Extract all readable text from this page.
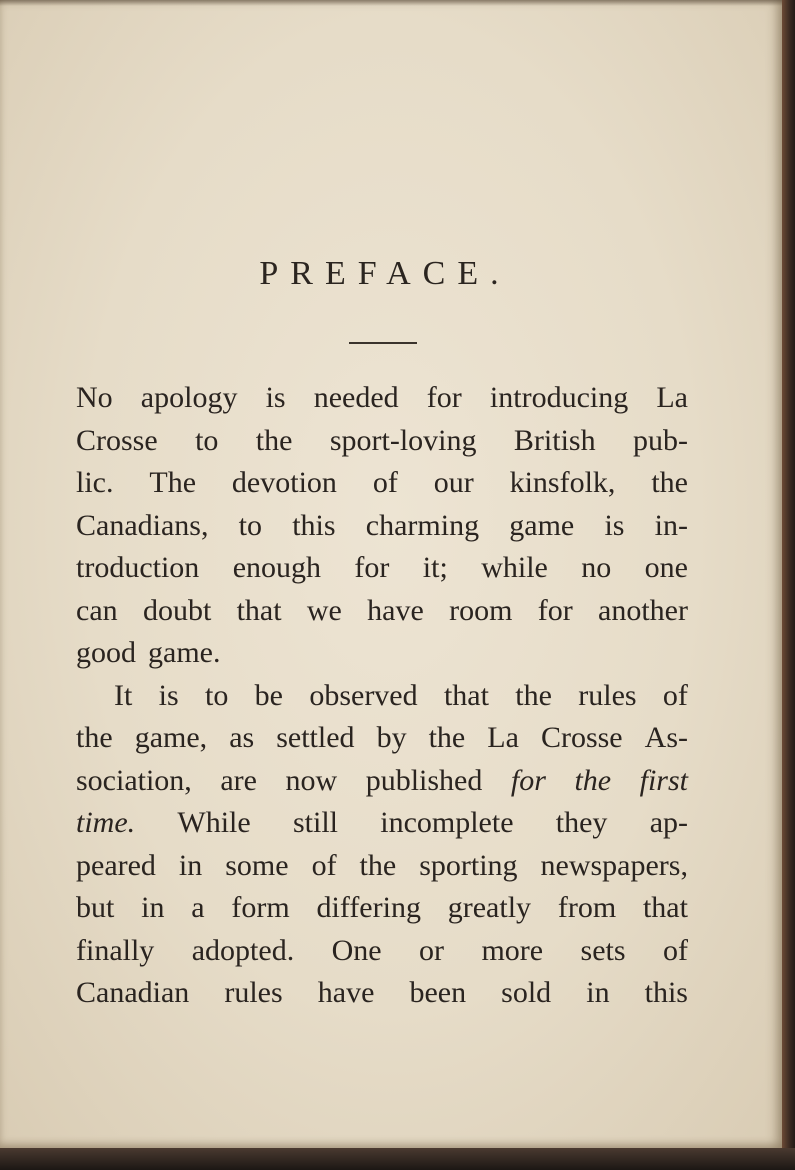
PREFACE.
No apology is needed for introducing La
Crosse to the sport-loving British pub-
lic. The devotion of our kinsfolk, the
Canadians, to this charming game is in-
troduction enough for it; while no one
can doubt that we have room for another
good game.
It is to be observed that the rules of
the game, as settled by the La Crosse As-
sociation, are now published for the first
time. While still incomplete they ap-
peared in some of the sporting newspapers,
but in a form differing greatly from that
finally adopted. One or more sets of
Canadian rules have been sold in this
